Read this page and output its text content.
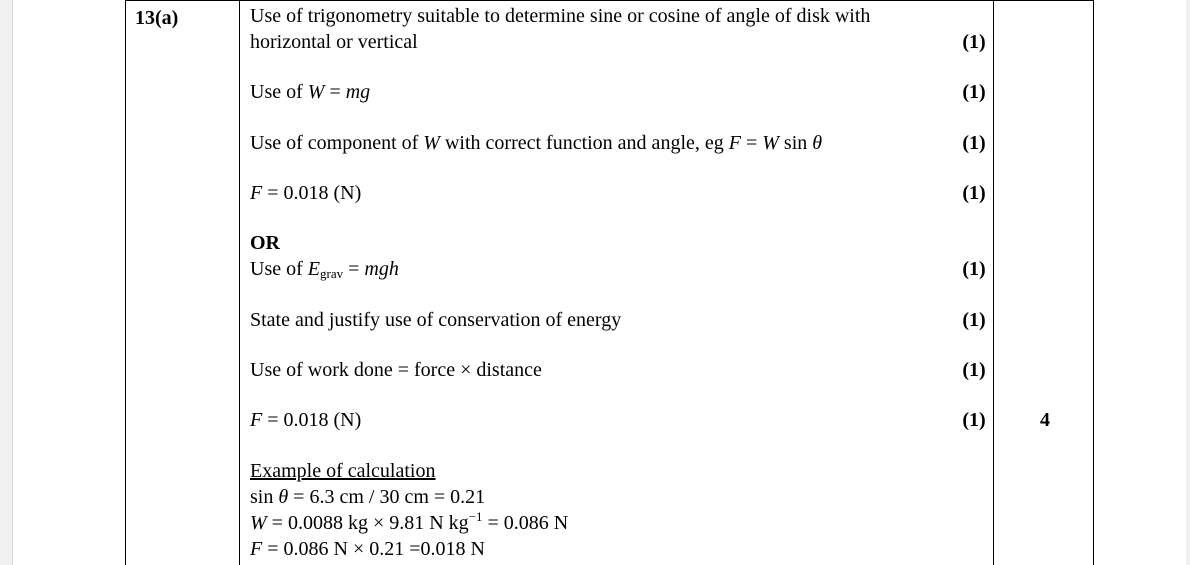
13(a)	Use of trigonometry suitable to determine sine or cosine of angle of disk with
horizontal or vertical	(1)
Use of W = mg	(1)
Use of component of W with correct function and angle, eg F = W sin θ	(1)
F = 0.018 (N)	(1)
OR
Use of $E_{grav}$ = mgh	(1)
State and justify use of conservation of energy	(1)
Use of work done = force × distance	(1)
F = 0.018 (N)	(1)	4
Example of calculation
sin θ = 6.3 cm / 30 cm = 0.21
W = 0.0088 kg × 9.81 N $kg^{-1} = 0.086$ N
F = 0.086 N × 0.21 =0.018 N
